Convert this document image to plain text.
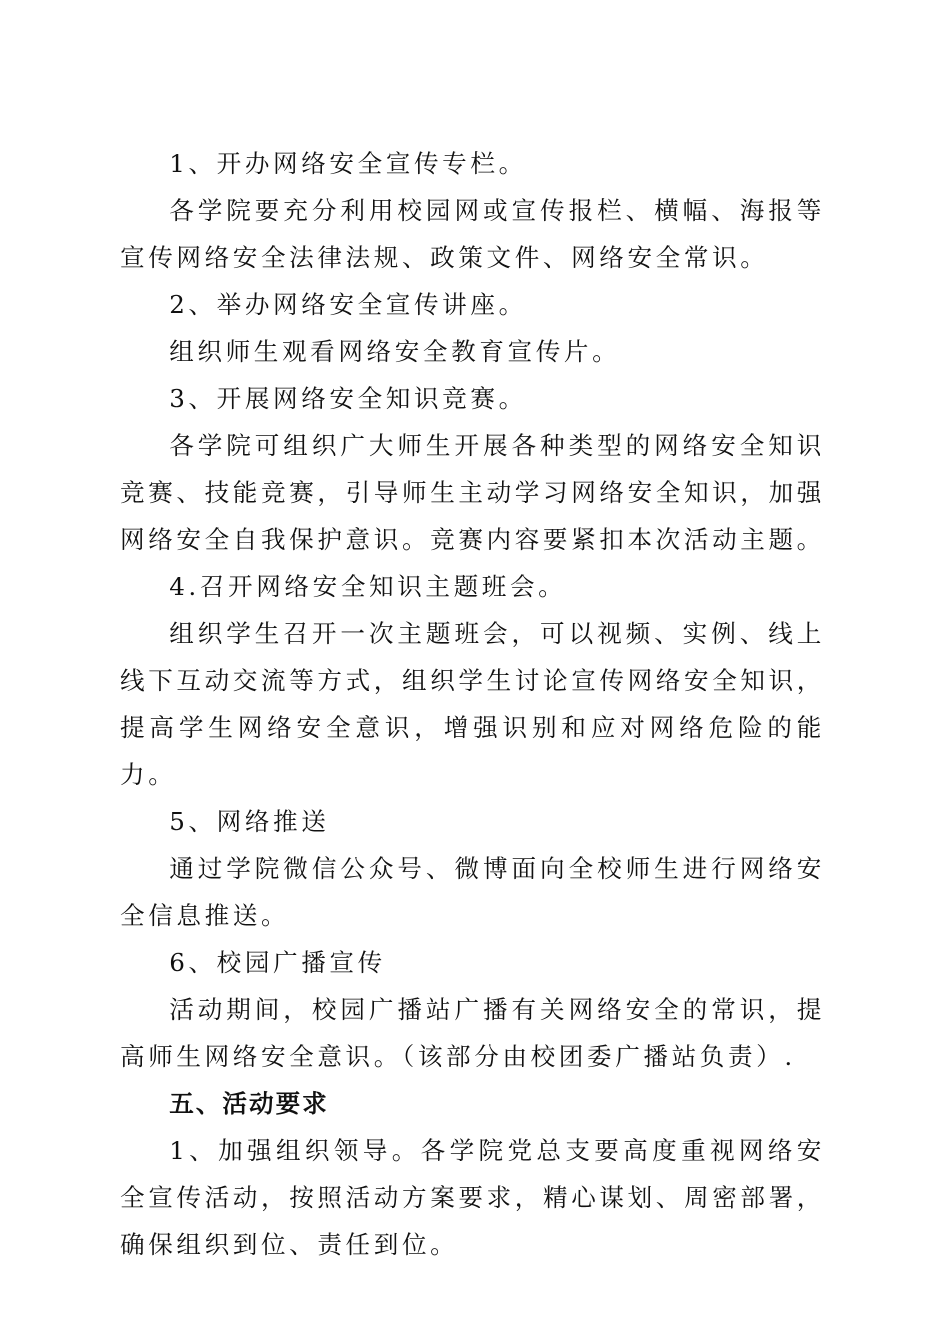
1、开办网络安全宣传专栏。

各学院要充分利用校园网或宣传报栏、横幅、海报等宣传网络安全法律法规、政策文件、网络安全常识。

2、举办网络安全宣传讲座。

组织师生观看网络安全教育宣传片。

3、开展网络安全知识竞赛。

各学院可组织广大师生开展各种类型的网络安全知识竞赛、技能竞赛，引导师生主动学习网络安全知识，加强网络安全自我保护意识。竞赛内容要紧扣本次活动主题。

4.召开网络安全知识主题班会。

组织学生召开一次主题班会，可以视频、实例、线上线下互动交流等方式，组织学生讨论宣传网络安全知识，提高学生网络安全意识，增强识别和应对网络危险的能力。

5、网络推送

通过学院微信公众号、微博面向全校师生进行网络安全信息推送。

6、校园广播宣传

活动期间，校园广播站广播有关网络安全的常识，提高师生网络安全意识。（该部分由校团委广播站负责）.

五、活动要求

1、加强组织领导。各学院党总支要高度重视网络安全宣传活动，按照活动方案要求，精心谋划、周密部署，确保组织到位、责任到位。
